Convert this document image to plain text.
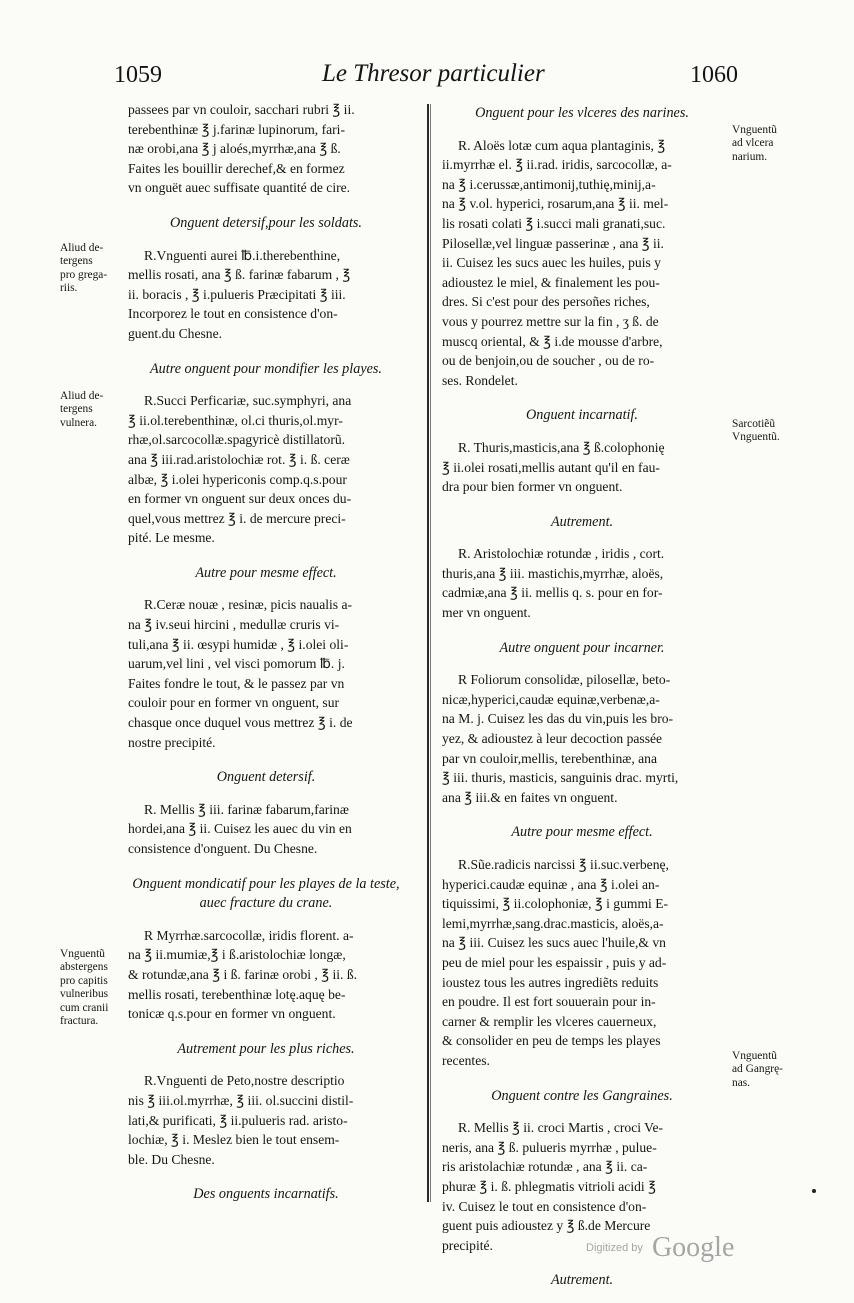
1059	Le Thresor particulier	1060

passees par vn couloir, sacchari rubri ℥ ii.

terebenthinæ ℥ j.farinæ lupinorum, fari-

næ orobi,ana ℥ j aloés,myrrhæ,ana ℥ ß.

Faites les bouillir derechef,& en formez

vn onguët auec suffisate quantité de cire.

Onguent detersif,pour les soldats.

R.Vnguenti aurei ℔.i.therebenthine,

mellis rosati, ana ℥ ß. farinæ fabarum , ℥

ii. boracis , ℥ i.pulueris Præcipitati ℥ iii.

Incorporez le tout en consistence d'on-

guent.du Chesne.

Autre onguent pour mondifier les playes.

R.Succi Perficariæ, suc.symphyri, ana

℥ ii.ol.terebenthinæ, ol.ci thuris,ol.myr-

rhæ,ol.sarcocollæ.spagyricè distillatorũ.

ana ℥ iii.rad.aristolochiæ rot. ℥ i. ß. ceræ

albæ, ℥ i.olei hypericonis comp.q.s.pour

en former vn onguent sur deux onces du-

quel,vous mettrez ℥ i. de mercure preci-

pité. Le mesme.

Autre pour mesme effect.

R.Ceræ nouæ , resinæ, picis naualis a-

na ℥ iv.seui hircini , medullæ cruris vi-

tuli,ana ℥ ii. œsypi humidæ , ℥ i.olei oli-

uarum,vel lini , vel visci pomorum ℔. j.

Faites fondre le tout, & le passez par vn

couloir pour en former vn onguent, sur

chasque once duquel vous mettrez ℥ i. de

nostre precipité.

Onguent detersif.

R. Mellis ℥ iii. farinæ fabarum,farinæ

hordei,ana ℥ ii. Cuisez les auec du vin en

consistence d'onguent. Du Chesne.

Onguent mondicatif pour les playes de la teste, auec fracture du crane.

R Myrrhæ.sarcocollæ, iridis florent. a-

na ℥ ii.mumiæ,℥ i ß.aristolochiæ longæ,

& rotundæ,ana ℥ i ß. farinæ orobi , ℥ ii. ß.

mellis rosati, terebenthinæ lotę.aquę be-

tonicæ q.s.pour en former vn onguent.

Autrement pour les plus riches.

R.Vnguenti de Peto,nostre descriptio

nis ℥ iii.ol.myrrhæ, ℥ iii. ol.succini distil-

lati,& purificati, ℥ ii.pulueris rad. aristo-

lochiæ, ℥ i. Meslez bien le tout ensem-

ble. Du Chesne.

Des onguents incarnatifs.
Onguent pour les vlceres des narines.

R. Aloës lotæ cum aqua plantaginis, ℥

ii.myrrhæ el. ℥ ii.rad. iridis, sarcocollæ, a-

na ℥ i.cerussæ,antimonij,tuthię,minij,a-

na ℥ v.ol. hyperici, rosarum,ana ℥ ii. mel-

lis rosati colati ℥ i.succi mali granati,suc.

Pilosellæ,vel linguæ passerinæ , ana ℥ ii.

ii. Cuisez les sucs auec les huiles, puis y

adioustez le miel, & finalement les pou-

dres. Si c'est pour des persoñes riches,

vous y pourrez mettre sur la fin , ʒ ß. de

muscq oriental, & ℥ i.de mousse d'arbre,

ou de benjoin,ou de soucher , ou de ro-

ses. Rondelet.

Onguent incarnatif.

R. Thuris,masticis,ana ℥ ß.colophonię

℥ ii.olei rosati,mellis autant qu'il en fau-

dra pour bien former vn onguent.

Autrement.

R. Aristolochiæ rotundæ , iridis , cort.

thuris,ana ℥ iii. mastichis,myrrhæ, aloës,

cadmiæ,ana ℥ ii. mellis q. s. pour en for-

mer vn onguent.

Autre onguent pour incarner.

R Foliorum consolidæ, pilosellæ, beto-

nicæ,hyperici,caudæ equinæ,verbenæ,a-

na M. j. Cuisez les das du vin,puis les bro-

yez, & adioustez à leur decoction passée

par vn couloir,mellis, terebenthinæ, ana

℥ iii. thuris, masticis, sanguinis drac. myrti,

ana ℥ iii.& en faites vn onguent.

Autre pour mesme effect.

R.Sũe.radicis narcissi ℥ ii.suc.verbenę,

hyperici.caudæ equinæ , ana ℥ i.olei an-

tiquissimi, ℥ ii.colophoniæ, ℥ i gummi E-

lemi,myrrhæ,sang.drac.masticis, aloës,a-

na ℥ iii. Cuisez les sucs auec l'huile,& vn

peu de miel pour les espaissir , puis y ad-

ioustez tous les autres ingrediẽts reduits

en poudre. Il est fort souuerain pour in-

carner & remplir les vlceres cauerneux,

& consolider en peu de temps les playes

recentes.

Onguent contre les Gangraines.

R. Mellis ℥ ii. croci Martis , croci Ve-

neris, ana ℥ ß. pulueris myrrhæ , pulue-

ris aristolachiæ rotundæ , ana ℥ ii. ca-

phuræ ℥ i. ß. phlegmatis vitrioli acidi ℥

iv. Cuisez le tout en consistence d'on-

guent puis adioustez y ℥ ß.de Mercure

precipité.

Autrement.
Aliud de-
tergens
pro grega-
riis.
Aliud de-
tergens
vulnera.
Vnguentũ
abstergens
pro capitis
vulneribus
cum cranii
fractura.
Vnguentũ
ad vlcera
narium.
Sarcotiẽũ
Vnguentũ.
Vnguentũ
ad Gangrę-
nas.
Digitized by Google
